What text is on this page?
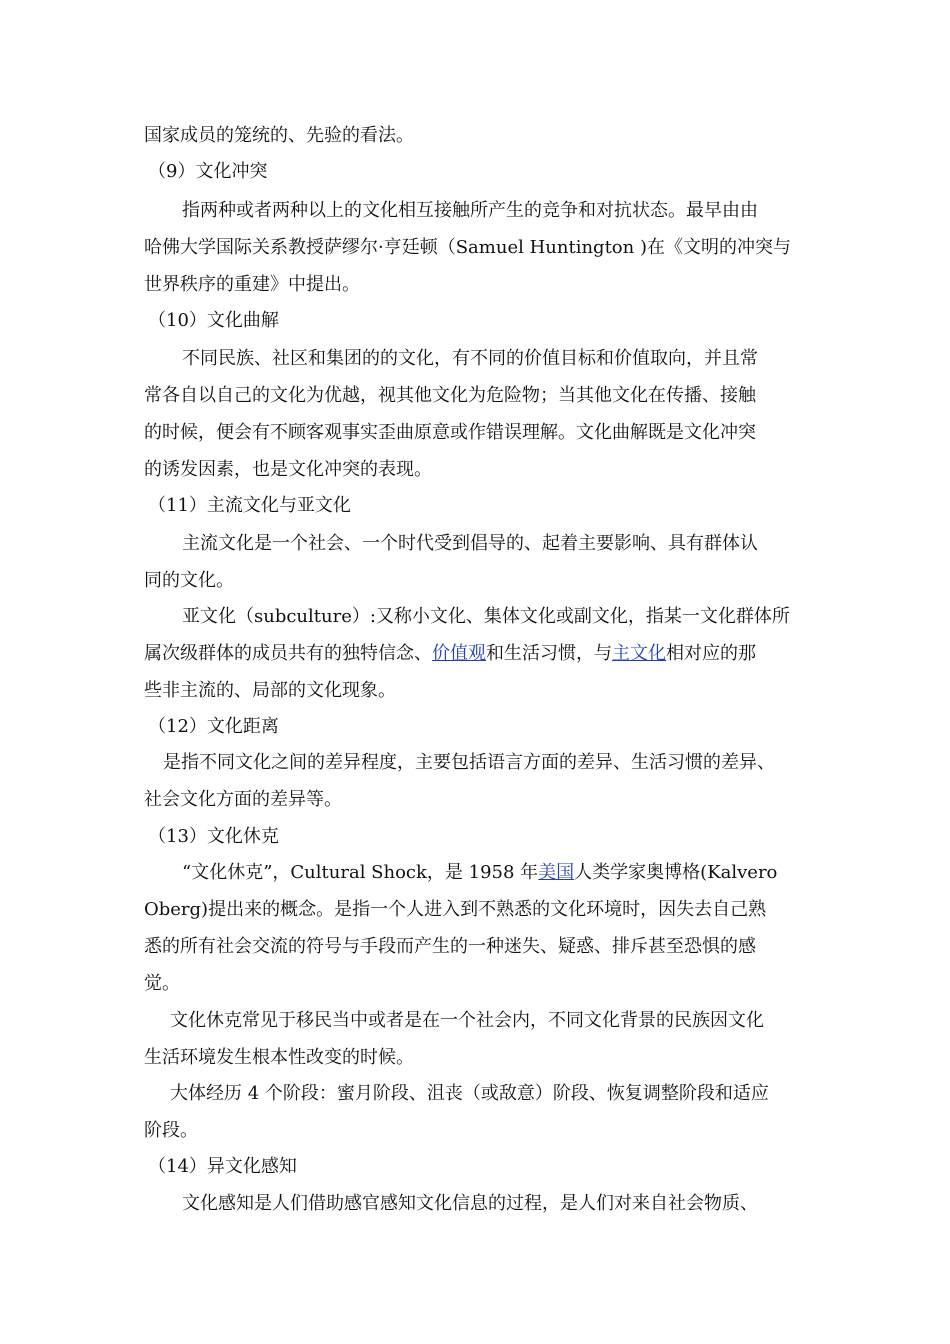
国家成员的笼统的、先验的看法。
（9）文化冲突
指两种或者两种以上的文化相互接触所产生的竞争和对抗状态。最早由由
哈佛大学国际关系教授萨缪尔·亨廷顿（Samuel Huntington )在《文明的冲突与
世界秩序的重建》中提出。
（10）文化曲解
不同民族、社区和集团的的文化，有不同的价值目标和价值取向，并且常
常各自以自己的文化为优越，视其他文化为危险物；当其他文化在传播、接触
的时候，便会有不顾客观事实歪曲原意或作错误理解。文化曲解既是文化冲突
的诱发因素，也是文化冲突的表现。
（11）主流文化与亚文化
主流文化是一个社会、一个时代受到倡导的、起着主要影响、具有群体认
同的文化。
亚文化（subculture）:又称小文化、集体文化或副文化，指某一文化群体所
属次级群体的成员共有的独特信念、价值观和生活习惯，与主文化相对应的那
些非主流的、局部的文化现象。
（12）文化距离
是指不同文化之间的差异程度，主要包括语言方面的差异、生活习惯的差异、
社会文化方面的差异等。
（13）文化休克
“文化休克”，Cultural Shock，是 1958 年美国人类学家奥博格(Kalvero
Oberg)提出来的概念。是指一个人进入到不熟悉的文化环境时，因失去自己熟
悉的所有社会交流的符号与手段而产生的一种迷失、疑惑、排斥甚至恐惧的感
觉。
文化休克常见于移民当中或者是在一个社会内，不同文化背景的民族因文化
生活环境发生根本性改变的时候。
大体经历 4 个阶段：蜜月阶段、沮丧（或敌意）阶段、恢复调整阶段和适应
阶段。
（14）异文化感知
文化感知是人们借助感官感知文化信息的过程，是人们对来自社会物质、
